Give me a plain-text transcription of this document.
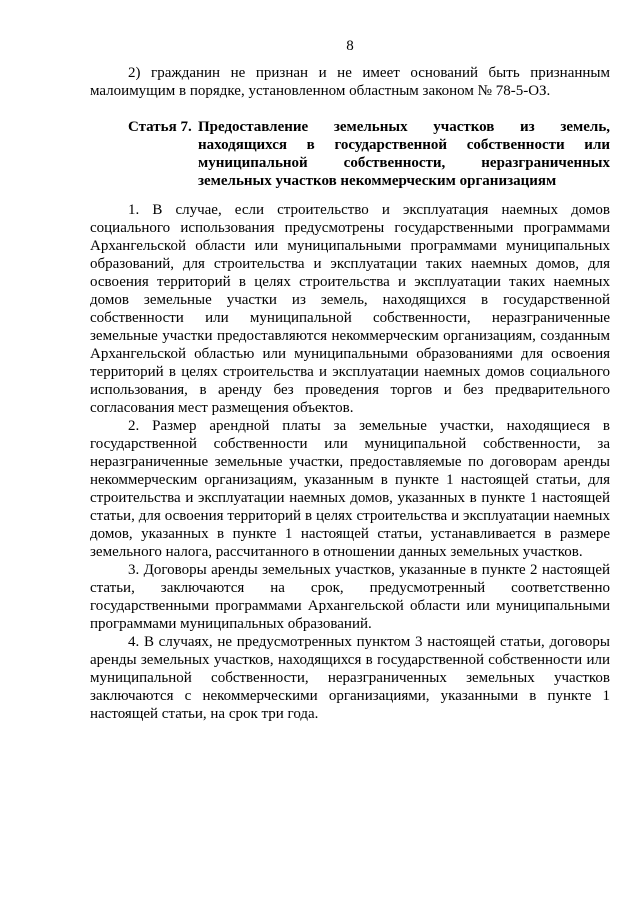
8

2) гражданин не признан и не имеет оснований быть признанным малоимущим в порядке, установленном областным законом № 78-5-ОЗ.

Статья 7. Предоставление земельных участков из земель, находящихся в государственной собственности или муниципальной собственности, неразграниченных земельных участков некоммерческим организациям

1. В случае, если строительство и эксплуатация наемных домов социального использования предусмотрены государственными программами Архангельской области или муниципальными программами муниципальных образований, для строительства и эксплуатации таких наемных домов, для освоения территорий в целях строительства и эксплуатации таких наемных домов земельные участки из земель, находящихся в государственной собственности или муниципальной собственности, неразграниченные земельные участки предоставляются некоммерческим организациям, созданным Архангельской областью или муниципальными образованиями для освоения территорий в целях строительства и эксплуатации наемных домов социального использования, в аренду без проведения торгов и без предварительного согласования мест размещения объектов.

2. Размер арендной платы за земельные участки, находящиеся в государственной собственности или муниципальной собственности, за неразграниченные земельные участки, предоставляемые по договорам аренды некоммерческим организациям, указанным в пункте 1 настоящей статьи, для строительства и эксплуатации наемных домов, указанных в пункте 1 настоящей статьи, для освоения территорий в целях строительства и эксплуатации наемных домов, указанных в пункте 1 настоящей статьи, устанавливается в размере земельного налога, рассчитанного в отношении данных земельных участков.

3. Договоры аренды земельных участков, указанные в пункте 2 настоящей статьи, заключаются на срок, предусмотренный соответственно государственными программами Архангельской области или муниципальными программами муниципальных образований.

4. В случаях, не предусмотренных пунктом 3 настоящей статьи, договоры аренды земельных участков, находящихся в государственной собственности или муниципальной собственности, неразграниченных земельных участков заключаются с некоммерческими организациями, указанными в пункте 1 настоящей статьи, на срок три года.
